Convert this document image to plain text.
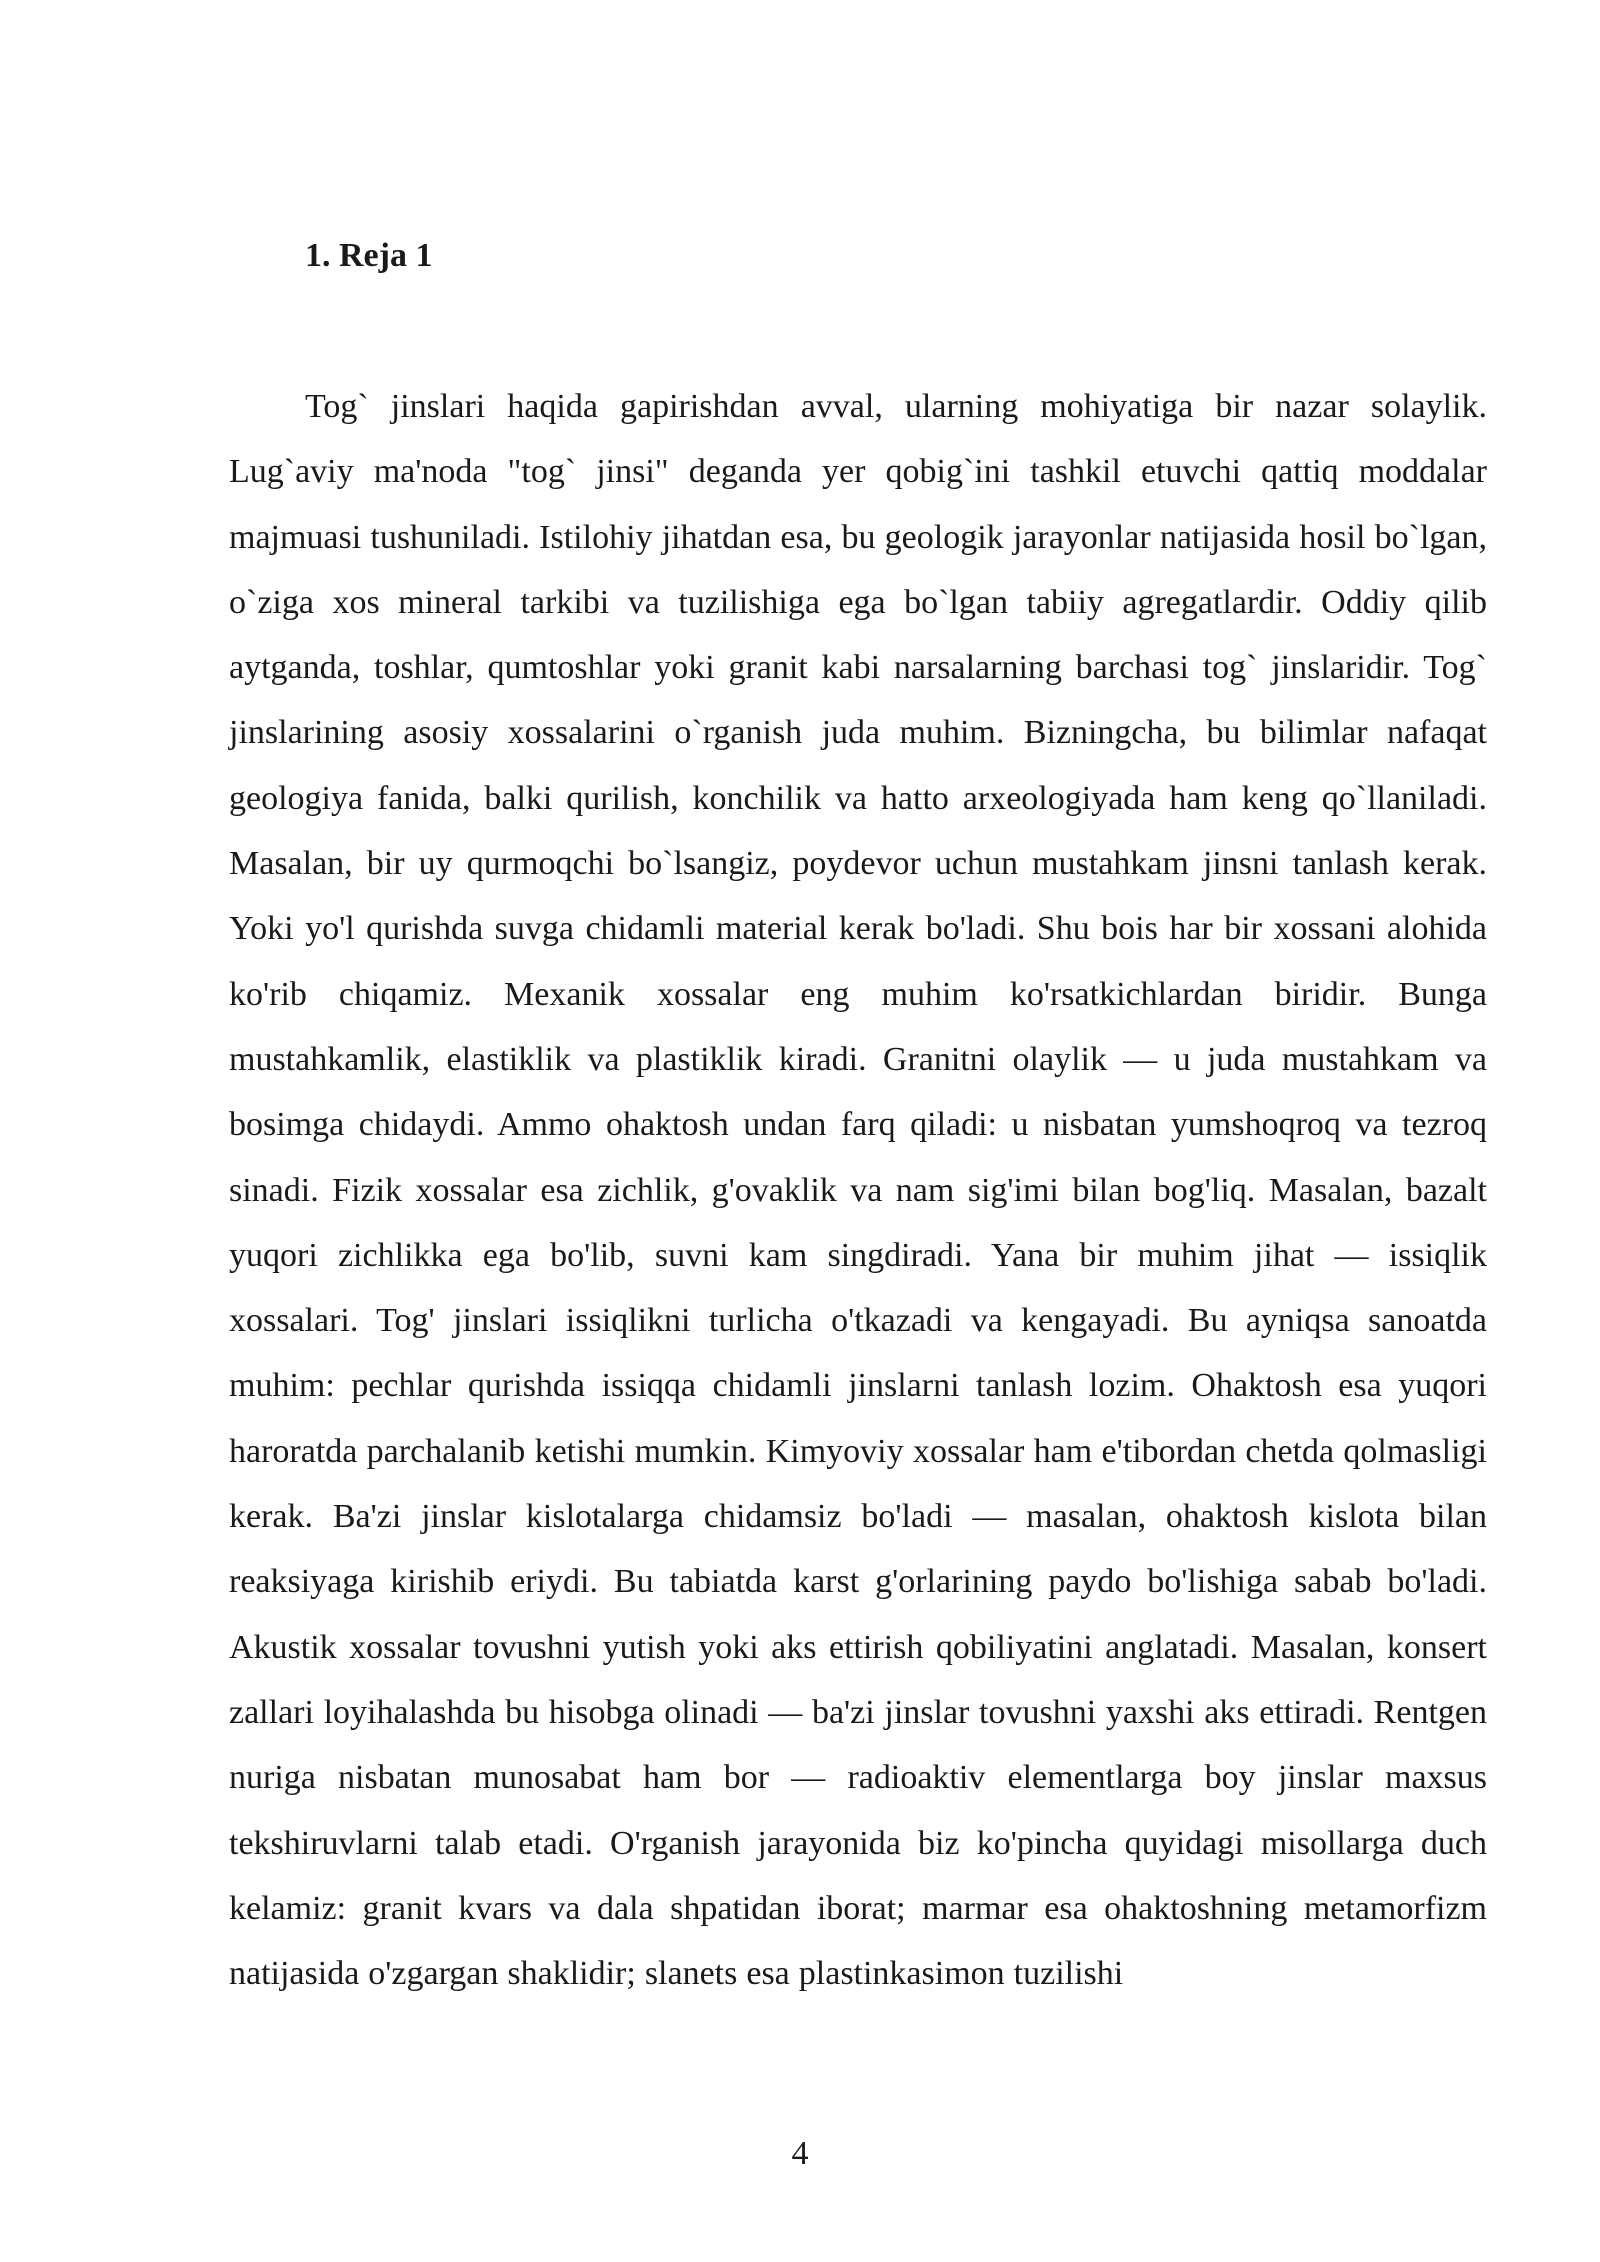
1. Reja 1

Tog` jinslari haqida gapirishdan avval, ularning mohiyatiga bir nazar solaylik. Lug`aviy ma'noda "tog` jinsi" deganda yer qobig`ini tashkil etuvchi qattiq moddalar majmuasi tushuniladi. Istilohiy jihatdan esa, bu geologik jarayonlar natijasida hosil bo`lgan, o`ziga xos mineral tarkibi va tuzilishiga ega bo`lgan tabiiy agregatlardir. Oddiy qilib aytganda, toshlar, qumtoshlar yoki granit kabi narsalarning barchasi tog` jinslaridir. Tog` jinslarining asosiy xossalarini o`rganish juda muhim. Bizningcha, bu bilimlar nafaqat geologiya fanida, balki qurilish, konchilik va hatto arxeologiyada ham keng qo`llaniladi. Masalan, bir uy qurmoqchi bo`lsangiz, poydevor uchun mustahkam jinsni tanlash kerak. Yoki yo'l qurishda suvga chidamli material kerak bo'ladi. Shu bois har bir xossani alohida ko'rib chiqamiz. Mexanik xossalar eng muhim ko'rsatkichlardan biridir. Bunga mustahkamlik, elastiklik va plastiklik kiradi. Granitni olaylik — u juda mustahkam va bosimga chidaydi. Ammo ohaktosh undan farq qiladi: u nisbatan yumshoqroq va tezroq sinadi. Fizik xossalar esa zichlik, g'ovaklik va nam sig'imi bilan bog'liq. Masalan, bazalt yuqori zichlikka ega bo'lib, suvni kam singdiradi. Yana bir muhim jihat — issiqlik xossalari. Tog' jinslari issiqlikni turlicha o'tkazadi va kengayadi. Bu ayniqsa sanoatda muhim: pechlar qurishda issiqqa chidamli jinslarni tanlash lozim. Ohaktosh esa yuqori haroratda parchalanib ketishi mumkin. Kimyoviy xossalar ham e'tibordan chetda qolmasligi kerak. Ba'zi jinslar kislotalarga chidamsiz bo'ladi — masalan, ohaktosh kislota bilan reaksiyaga kirishib eriydi. Bu tabiatda karst g'orlarining paydo bo'lishiga sabab bo'ladi. Akustik xossalar tovushni yutish yoki aks ettirish qobiliyatini anglatadi. Masalan, konsert zallari loyihalashda bu hisobga olinadi — ba'zi jinslar tovushni yaxshi aks ettiradi. Rentgen nuriga nisbatan munosabat ham bor — radioaktiv elementlarga boy jinslar maxsus tekshiruvlarni talab etadi. O'rganish jarayonida biz ko'pincha quyidagi misollarga duch kelamiz: granit kvars va dala shpatidan iborat; marmar esa ohaktoshning metamorfizm natijasida o'zgargan shaklidir; slanets esa plastinkasimon tuzilishi

4
